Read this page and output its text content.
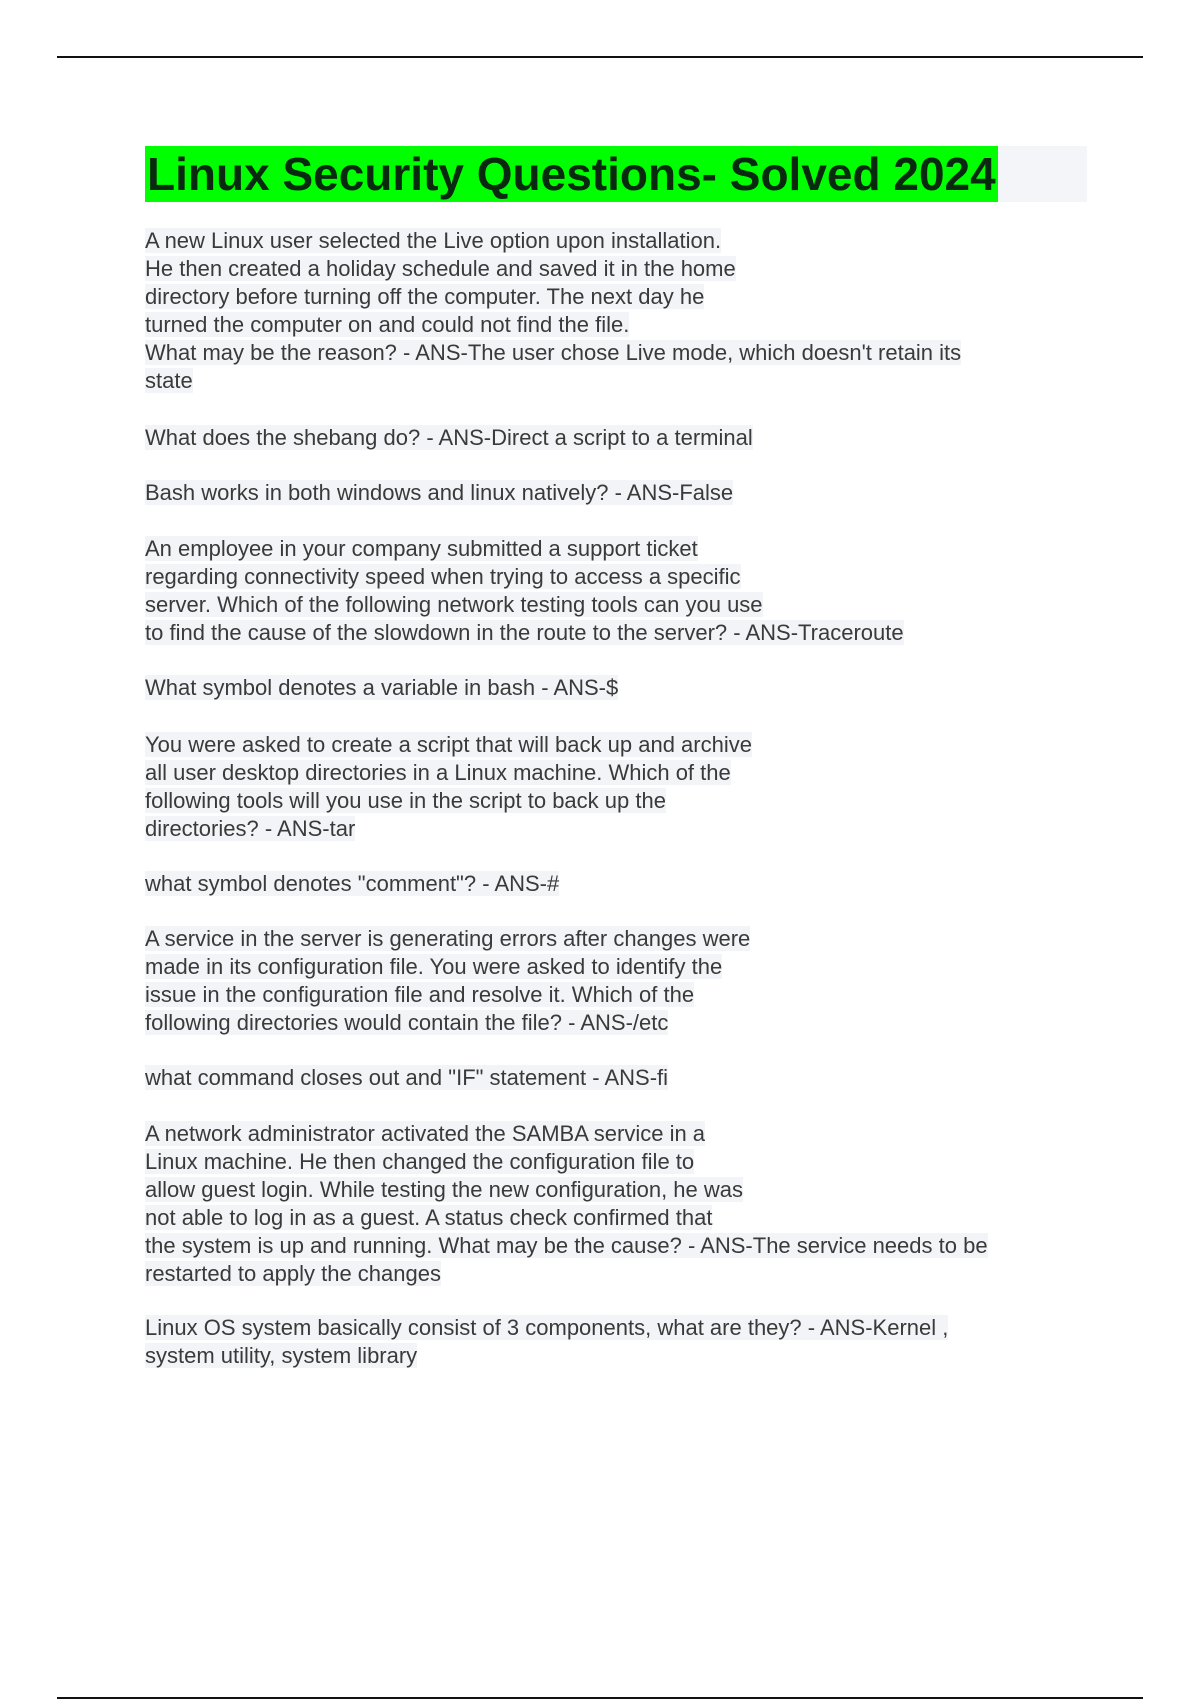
Linux Security Questions- Solved 2024
A new Linux user selected the Live option upon installation.
He then created a holiday schedule and saved it in the home
directory before turning off the computer. The next day he
turned the computer on and could not find the file.
What may be the reason? - ANS-The user chose Live mode, which doesn't retain its
state
What does the shebang do? - ANS-Direct a script to a terminal
Bash works in both windows and linux natively? - ANS-False
An employee in your company submitted a support ticket
regarding connectivity speed when trying to access a specific
server. Which of the following network testing tools can you use
to find the cause of the slowdown in the route to the server? - ANS-Traceroute
What symbol denotes a variable in bash - ANS-$
You were asked to create a script that will back up and archive
all user desktop directories in a Linux machine. Which of the
following tools will you use in the script to back up the
directories? - ANS-tar
what symbol denotes "comment"? - ANS-#
A service in the server is generating errors after changes were
made in its configuration file. You were asked to identify the
issue in the configuration file and resolve it. Which of the
following directories would contain the file? - ANS-/etc
what command closes out and "IF" statement - ANS-fi
A network administrator activated the SAMBA service in a
Linux machine. He then changed the configuration file to
allow guest login. While testing the new configuration, he was
not able to log in as a guest. A status check confirmed that
the system is up and running. What may be the cause? - ANS-The service needs to be
restarted to apply the changes
Linux OS system basically consist of 3 components, what are they? - ANS-Kernel ,
system utility, system library
